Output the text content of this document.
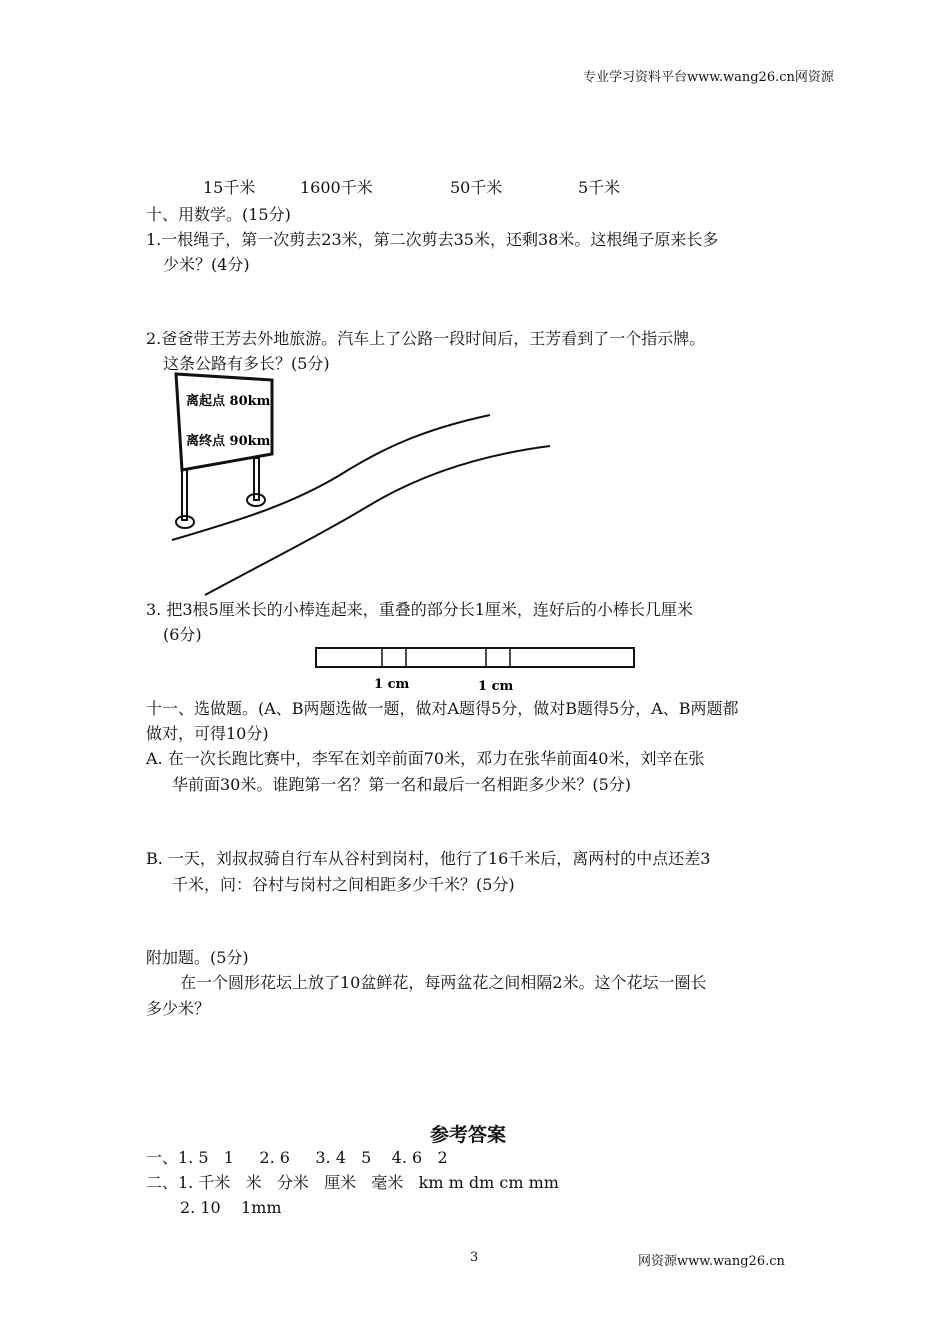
专业学习资料平台www.wang26.cn网资源
15千米	1600千米	50千米	5千米
十、用数学。(15分)
1.一根绳子，第一次剪去23米，第二次剪去35米，还剩38米。这根绳子原来长多
少米？(4分)
2.爸爸带王芳去外地旅游。汽车上了公路一段时间后，王芳看到了一个指示牌。
这条公路有多长？(5分)
离起点 80km
离终点 90km
3. 把3根5厘米长的小棒连起来，重叠的部分长1厘米，连好后的小棒长几厘米
(6分)
1 cm	1 cm
十一、选做题。(A、B两题选做一题，做对A题得5分，做对B题得5分，A、B两题都
做对，可得10分)
A. 在一次长跑比赛中，李军在刘辛前面70米，邓力在张华前面40米，刘辛在张
华前面30米。谁跑第一名？第一名和最后一名相距多少米？(5分)
B. 一天，刘叔叔骑自行车从谷村到岗村，他行了16千米后，离两村的中点还差3
千米，问：谷村与岗村之间相距多少千米？(5分)
附加题。(5分)
在一个圆形花坛上放了10盆鲜花，每两盆花之间相隔2米。这个花坛一圈长
多少米？
参考答案
一、1. 5   1     2. 6     3. 4   5    4. 6   2
二、1. 千米   米   分米   厘米   毫米   km m dm cm mm
2. 10    1mm
3	网资源www.wang26.cn
